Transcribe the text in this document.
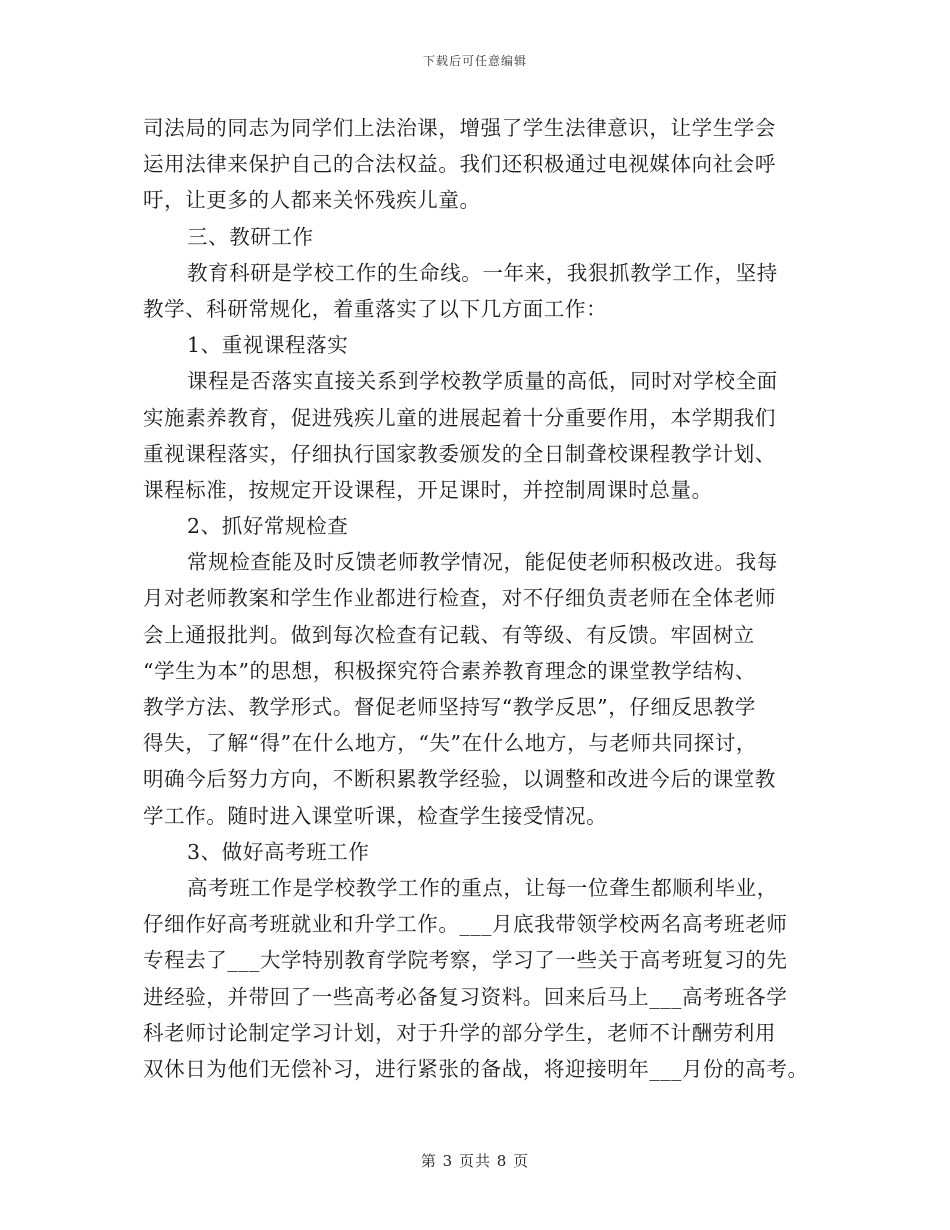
下载后可任意编辑
司法局的同志为同学们上法治课，增强了学生法律意识，让学生学会
运用法律来保护自己的合法权益。我们还积极通过电视媒体向社会呼
吁，让更多的人都来关怀残疾儿童。
三、教研工作
教育科研是学校工作的生命线。一年来，我狠抓教学工作，坚持
教学、科研常规化，着重落实了以下几方面工作：
1、重视课程落实
课程是否落实直接关系到学校教学质量的高低，同时对学校全面
实施素养教育，促进残疾儿童的进展起着十分重要作用，本学期我们
重视课程落实，仔细执行国家教委颁发的全日制聋校课程教学计划、
课程标准，按规定开设课程，开足课时，并控制周课时总量。
2、抓好常规检查
常规检查能及时反馈老师教学情况，能促使老师积极改进。我每
月对老师教案和学生作业都进行检查，对不仔细负责老师在全体老师
会上通报批判。做到每次检查有记载、有等级、有反馈。牢固树立
“学生为本”的思想，积极探究符合素养教育理念的课堂教学结构、
教学方法、教学形式。督促老师坚持写“教学反思”，仔细反思教学
得失，了解“得”在什么地方，“失”在什么地方，与老师共同探讨，
明确今后努力方向，不断积累教学经验，以调整和改进今后的课堂教
学工作。随时进入课堂听课，检查学生接受情况。
3、做好高考班工作
高考班工作是学校教学工作的重点，让每一位聋生都顺利毕业，
仔细作好高考班就业和升学工作。___月底我带领学校两名高考班老师
专程去了___大学特别教育学院考察，学习了一些关于高考班复习的先
进经验，并带回了一些高考必备复习资料。回来后马上___高考班各学
科老师讨论制定学习计划，对于升学的部分学生，老师不计酬劳利用
双休日为他们无偿补习，进行紧张的备战，将迎接明年___月份的高考。
第 3 页共 8 页
